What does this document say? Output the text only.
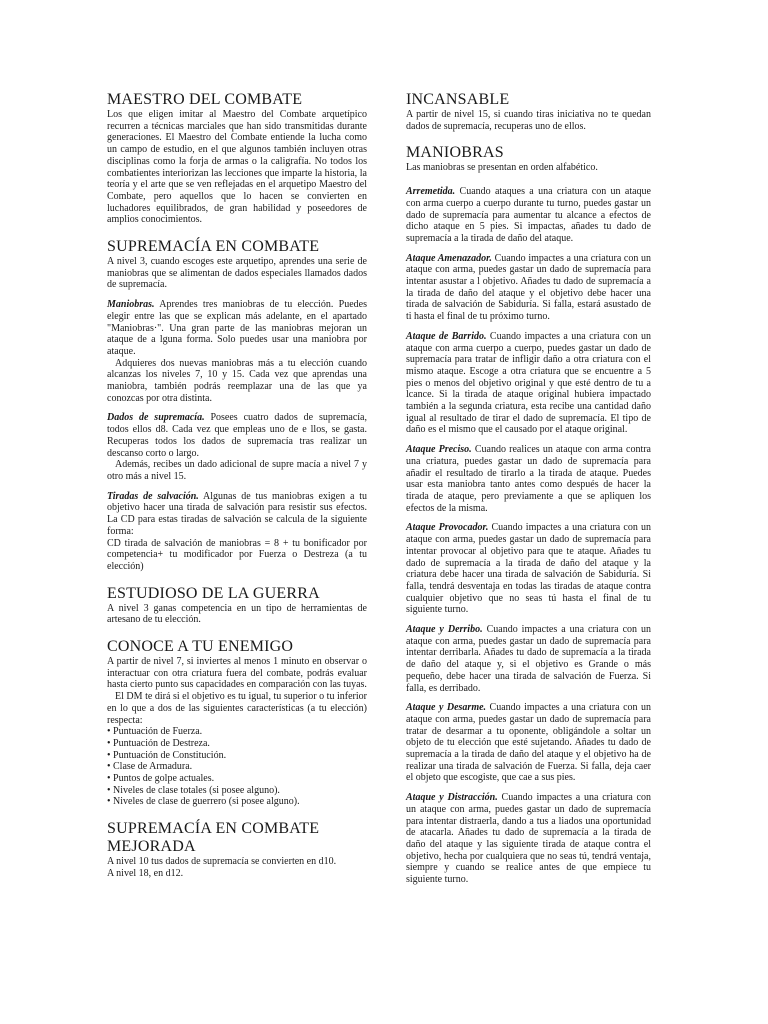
MAESTRO DEL COMBATE

Los que eligen imitar al Maestro del Combate arquetípico recurren a técnicas marciales que han sido transmitidas durante generaciones. El Maestro del Combate entiende la lucha como un campo de estudio, en el que algunos también incluyen otras disciplinas como la forja de armas o la caligrafía. No todos los combatientes interiorizan las lecciones que imparte la historia, la teoría y el arte que se ven reflejadas en el arquetipo Maestro del Combate, pero aquellos que lo hacen se convierten en luchadores equilibrados, de gran habilidad y poseedores de amplios conocimientos.

SUPREMACÍA EN COMBATE

A nivel 3, cuando escoges este arquetipo, aprendes una serie de maniobras que se alimentan de dados especiales llamados dados de supremacía.

Maniobras. Aprendes tres maniobras de tu elección. Puedes elegir entre las que se explican más adelante, en el apartado "Maniobras·". Una gran parte de las maniobras mejoran un ataque de a lguna forma. Solo puedes usar una maniobra por ataque.

Adquieres dos nuevas maniobras más a tu elección cuando alcanzas los niveles 7, 10 y 15. Cada vez que aprendas una maniobra, también podrás reemplazar una de las que ya conozcas por otra distinta.

Dados de supremacía. Posees cuatro dados de supremacía, todos ellos d8. Cada vez que empleas uno de e llos, se gasta. Recuperas todos los dados de supremacía tras realizar un descanso corto o largo.

Además, recibes un dado adicional de supre macía a nivel 7 y otro más a nivel 15.

Tiradas de salvación. Algunas de tus maniobras exigen a tu objetivo hacer una tirada de salvación para resistir sus efectos. La CD para estas tiradas de salvación se calcula de la siguiente forma:

CD tirada de salvación de maniobras = 8 + tu bonificador por competencia+ tu modificador por Fuerza o Destreza (a tu elección)

ESTUDIOSO DE LA GUERRA

A nivel 3 ganas competencia en un tipo de herramientas de artesano de tu elección.

CONOCE A TU ENEMIGO

A partir de nivel 7, si inviertes al menos 1 minuto en observar o interactuar con otra criatura fuera del combate, podrás evaluar hasta cierto punto sus capacidades en comparación con las tuyas.

El DM te dirá si el objetivo es tu igual, tu superior o tu inferior en lo que a dos de las siguientes características (a tu elección) respecta:

• Puntuación de Fuerza.
• Puntuación de Destreza.
• Puntuación de Constitución.
• Clase de Armadura.
• Puntos de golpe actuales.
• Niveles de clase totales (si posee alguno).
• Niveles de clase de guerrero (si posee alguno).
SUPREMACÍA EN COMBATE MEJORADA

A nivel 10 tus dados de supremacía se convierten en d10.

A nivel 18, en d12.

INCANSABLE

A partir de nivel 15, si cuando tiras iniciativa no te quedan dados de supremacía, recuperas uno de ellos.

MANIOBRAS

Las maniobras se presentan en orden alfabético.

Arremetida. Cuando ataques a una criatura con un ataque con arma cuerpo a cuerpo durante tu turno, puedes gastar un dado de supremacía para aumentar tu alcance a efectos de dicho ataque en 5 pies. Si impactas, añades tu dado de supremacía a la tirada de daño del ataque.

Ataque Amenazador. Cuando impactes a una criatura con un ataque con arma, puedes gastar un dado de supremacía para intentar asustar a l objetivo. Añades tu dado de supremacía a la tirada de daño del ataque y el objetivo debe hacer una tirada de salvación de Sabiduría. Si falla, estará asustado de ti hasta el final de tu próximo turno.

Ataque de Barrido. Cuando impactes a una criatura con un ataque con arma cuerpo a cuerpo, puedes gastar un dado de supremacía para tratar de infligir daño a otra criatura con el mismo ataque. Escoge a otra criatura que se encuentre a 5 pies o menos del objetivo original y que esté dentro de tu a lcance. Si la tirada de ataque original hubiera impactado también a la segunda criatura, esta recibe una cantidad daño igual al resultado de tirar el dado de supremacía. El tipo de daño es el mismo que el causado por el ataque original.

Ataque Preciso. Cuando realices un ataque con arma contra una criatura, puedes gastar un dado de supremacía para añadir el resultado de tirarlo a la tirada de ataque. Puedes usar esta maniobra tanto antes como después de hacer la tirada de ataque, pero previamente a que se apliquen los efectos de la misma.

Ataque Provocador. Cuando impactes a una criatura con un ataque con arma, puedes gastar un dado de supremacía para intentar provocar al objetivo para que te ataque. Añades tu dado de supremacía a la tirada de daño del ataque y la criatura debe hacer una tirada de salvación de Sabiduría. Si falla, tendrá desventaja en todas las tiradas de ataque contra cualquier objetivo que no seas tú hasta el final de tu siguiente turno.

Ataque y Derribo. Cuando impactes a una criatura con un ataque con arma, puedes gastar un dado de supremacía para intentar derribarla. Añades tu dado de supremacía a la tirada de daño del ataque y, si el objetivo es Grande o más pequeño, debe hacer una tirada de salvación de Fuerza. Si falla, es derribado.

Ataque y Desarme. Cuando impactes a una criatura con un ataque con arma, puedes gastar un dado de supremacía para tratar de desarmar a tu oponente, obligándole a soltar un objeto de tu elección que esté sujetando. Añades tu dado de supremacía a la tirada de daño del ataque y el objetivo ha de realizar una tirada de salvación de Fuerza. Si falla, deja caer el objeto que escogiste, que cae a sus pies.

Ataque y Distracción. Cuando impactes a una criatura con un ataque con arma, puedes gastar un dado de supremacía para intentar distraerla, dando a tus a liados una oportunidad de atacarla. Añades tu dado de supremacía a la tirada de daño del ataque y las siguiente tirada de ataque contra el objetivo, hecha por cualquiera que no seas tú, tendrá ventaja, siempre y cuando se realice antes de que empiece tu siguiente turno.
